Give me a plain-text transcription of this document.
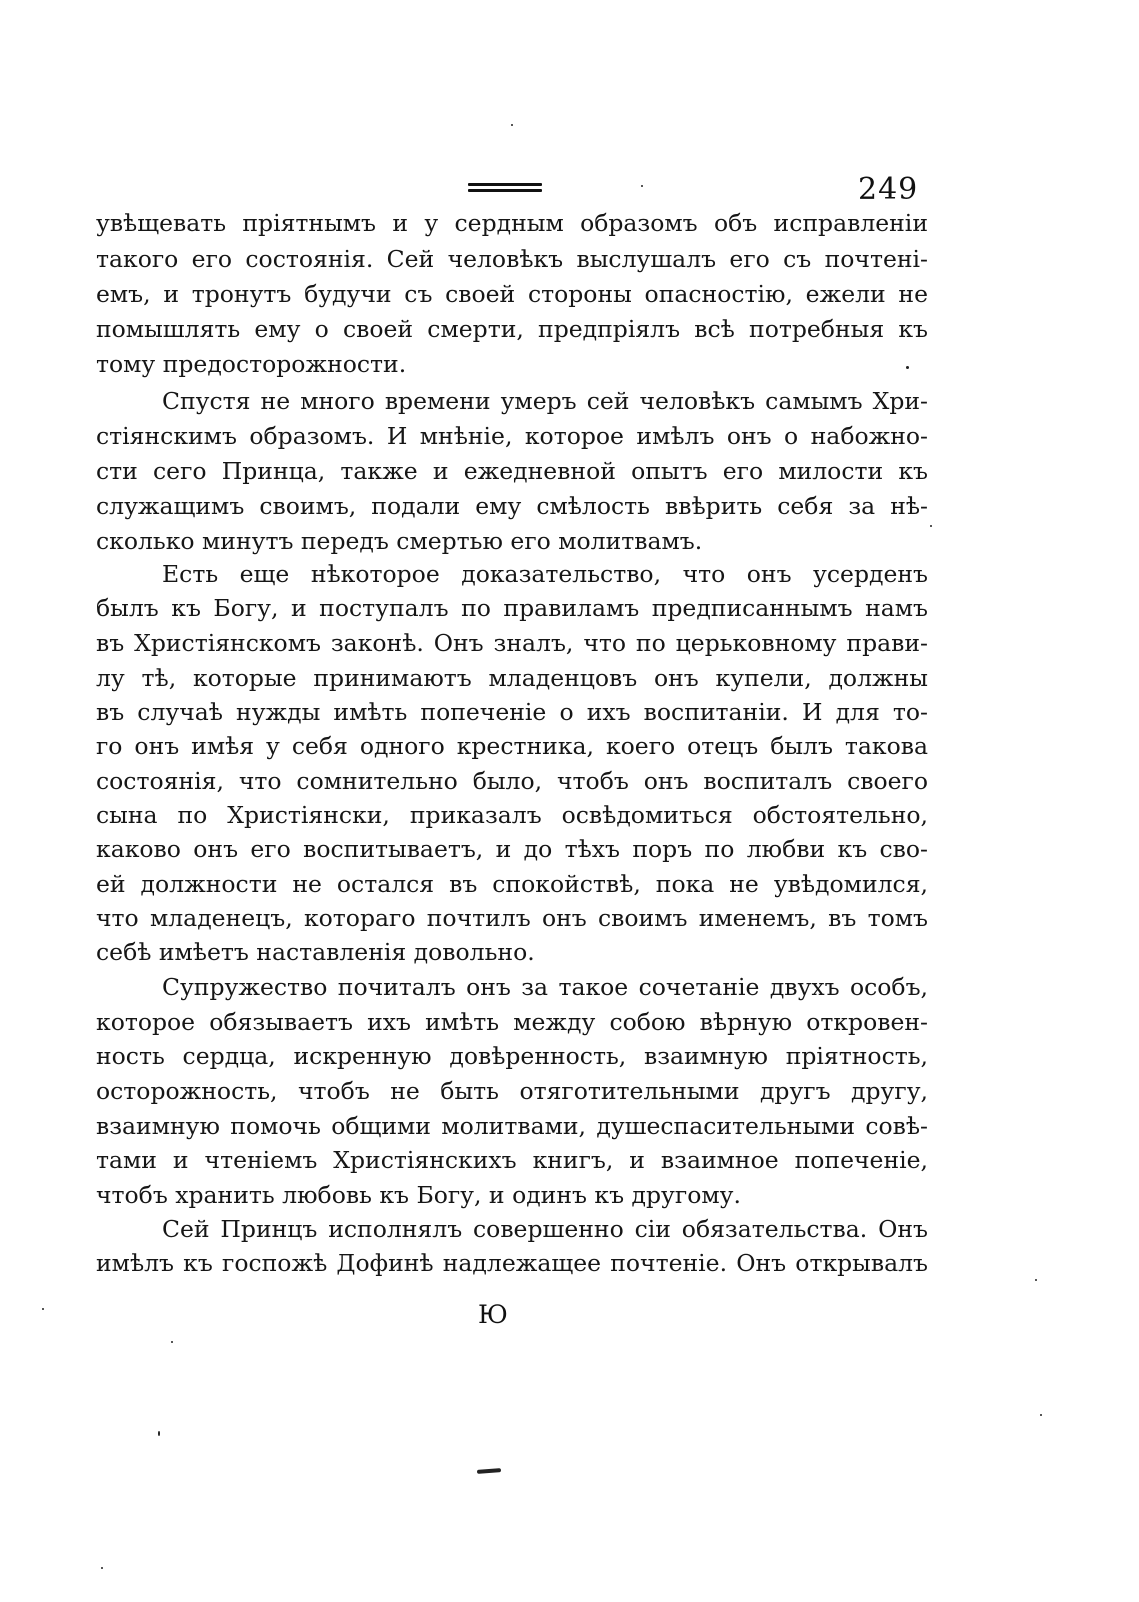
249
увѣщевать пріятнымъ и у сердным образомъ объ исправленіи
такого его состоянія. Сей человѣкъ выслушалъ его съ почтені-
емъ, и тронутъ будучи съ своей стороны опасностію, ежели не
помышлять ему о своей смерти, предпріялъ всѣ потребныя къ
тому предосторожности.
Спустя не много времени умеръ сей человѣкъ самымъ Хри-
стіянскимъ образомъ. И мнѣніе, которое имѣлъ онъ о набожно-
сти сего Принца, также и ежедневной опытъ его милости къ
служащимъ своимъ, подали ему смѣлость ввѣрить себя за нѣ-
сколько минутъ передъ смертью его молитвамъ.
Есть еще нѣкоторое доказательство, что онъ усерденъ
былъ къ Богу, и поступалъ по правиламъ предписаннымъ намъ
въ Христіянскомъ законѣ. Онъ зналъ, что по церьковному прави-
лу тѣ, которые принимаютъ младенцовъ онъ купели, должны
въ случаѣ нужды имѣть попеченіе о ихъ воспитаніи. И для то-
го онъ имѣя у себя одного крестника, коего отецъ былъ такова
состоянія, что сомнительно было, чтобъ онъ воспиталъ своего
сына по Христіянски, приказалъ освѣдомиться обстоятельно,
каково онъ его воспитываетъ, и до тѣхъ поръ по любви къ сво-
ей должности не остался въ спокойствѣ, пока не увѣдомился,
что младенецъ, котораго почтилъ онъ своимъ именемъ, въ томъ
себѣ имѣетъ наставленія довольно.
Супружество почиталъ онъ за такое сочетаніе двухъ особъ,
которое обязываетъ ихъ имѣть между собою вѣрную откровен-
ность сердца, искренную довѣренность, взаимную пріятность,
осторожность, чтобъ не быть отяготительными другъ другу,
взаимную помочь общими молитвами, душеспасительными совѣ-
тами и чтеніемъ Христіянскихъ книгъ, и взаимное попеченіе,
чтобъ хранить любовь къ Богу, и одинъ къ другому.
Сей Принцъ исполнялъ совершенно сіи обязательства. Онъ
имѣлъ къ госпожѣ Дофинѣ надлежащее почтеніе. Онъ открывалъ
Ю
